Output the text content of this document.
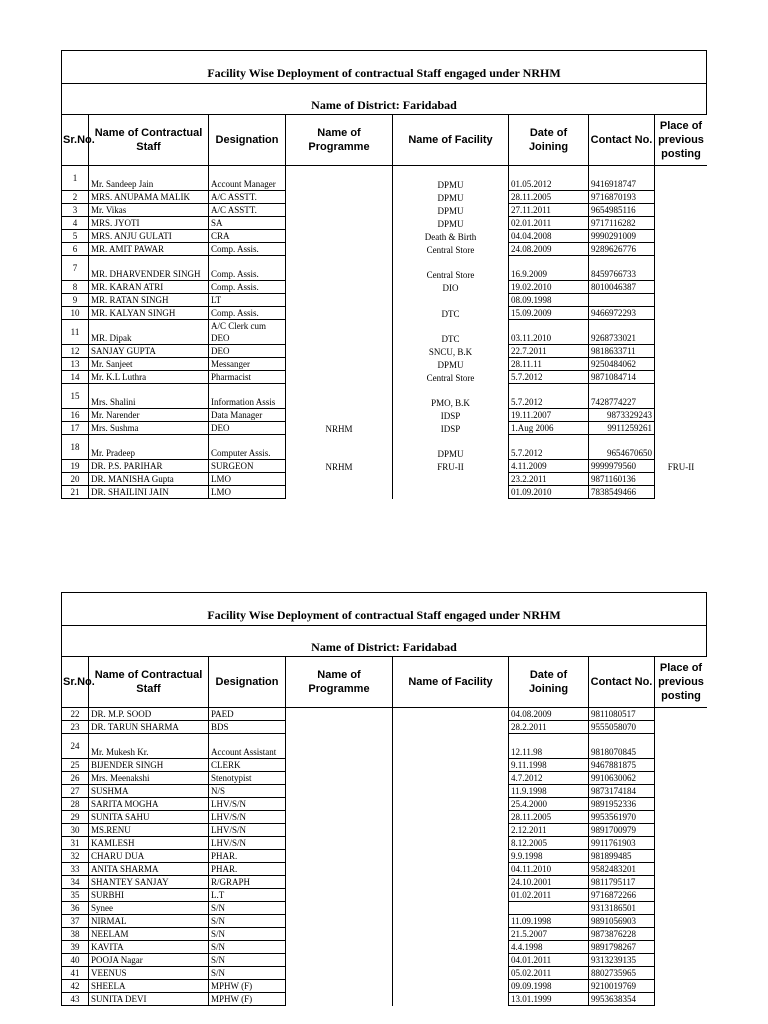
Facility Wise Deployment of contractual Staff engaged under NRHM
Name of District: Faridabad
Sr.No.	Name of Contractual Staff	Designation	Name of Programme	Name of Facility	Date of Joining	Contact No.	Place of previous posting
1	Mr. Sandeep Jain	Account Manager		DPMU	01.05.2012	9416918747	
2	MRS. ANUPAMA MALIK	A/C ASSTT.		DPMU	28.11.2005	9716870193	
3	Mr. Vikas	A/C ASSTT.		DPMU	27.11.2011	9654985116	
4	MRS. JYOTI	SA		DPMU	02.01.2011	9717116282	
5	MRS. ANJU GULATI	CRA		Death & Birth	04.04.2008	9990291009	
6	MR. AMIT PAWAR	Comp. Assis.		Central Store	24.08.2009	9289626776	
7	MR. DHARVENDER SINGH	Comp. Assis.		Central Store	16.9.2009	8459766733	
8	MR. KARAN ATRI	Comp. Assis.		DIO	19.02.2010	8010046387	
9	MR. RATAN SINGH	LT			08.09.1998		
10	MR. KALYAN SINGH	Comp. Assis.		DTC	15.09.2009	9466972293	
11	MR. Dipak	A/C Clerk cum DEO		DTC	03.11.2010	9268733021	
12	SANJAY GUPTA	DEO		SNCU, B.K	22.7.2011	9818633711	
13	Mr. Sanjeet	Messanger		DPMU	28.11.11	9250484062	
14	Mr. K.L Luthra	Pharmacist		Central Store	5.7.2012	9871084714	
15	Mrs. Shalini	Information Assis		PMO, B.K	5.7.2012	7428774227	
16	Mr. Narender	Data Manager		IDSP	19.11.2007	9873329243	
17	Mrs. Sushma	DEO	NRHM	IDSP	1.Aug 2006	9911259261	
18	Mr. Pradeep	Computer Assis.		DPMU	5.7.2012	9654670650	
19	DR. P.S. PARIHAR	SURGEON	NRHM	FRU-II	4.11.2009	9999979560	FRU-II
20	DR. MANISHA Gupta	LMO			23.2.2011	9871160136	
21	DR. SHAILINI JAIN	LMO			01.09.2010	7838549466	
Facility Wise Deployment of contractual Staff engaged under NRHM
Name of District: Faridabad
Sr.No.	Name of Contractual Staff	Designation	Name of Programme	Name of Facility	Date of Joining	Contact No.	Place of previous posting
22	DR. M.P. SOOD	PAED			04.08.2009	9811080517	
23	DR. TARUN SHARMA	BDS			28.2.2011	9555058070	
24	Mr. Mukesh Kr.	Account Assistant			12.11.98	9818070845	
25	BIJENDER SINGH	CLERK			9.11.1998	9467881875	
26	Mrs. Meenakshi	Stenotypist			4.7.2012	9910630062	
27	SUSHMA	N/S			11.9.1998	9873174184	
28	SARITA MOGHA	LHV/S/N			25.4.2000	9891952336	
29	SUNITA SAHU	LHV/S/N			28.11.2005	9953561970	
30	MS.RENU	LHV/S/N			2.12.2011	9891700979	
31	KAMLESH	LHV/S/N			8.12.2005	9911761903	
32	CHARU DUA	PHAR.			9.9.1998	981899485	
33	ANITA SHARMA	PHAR.			04.11.2010	9582483201	
34	SHANTEY SANJAY	R/GRAPH			24.10.2001	9811795117	
35	SURBHI	L.T			01.02.2011	9716872266	
36	Synee	S/N				9313186501	
37	NIRMAL	S/N			11.09.1998	9891056903	
38	NEELAM	S/N			21.5.2007	9873876228	
39	KAVITA	S/N			4.4.1998	9891798267	
40	POOJA Nagar	S/N			04.01.2011	9313239135	
41	VEENUS	S/N			05.02.2011	8802735965	
42	SHEELA	MPHW (F)			09.09.1998	9210019769	
43	SUNITA DEVI	MPHW (F)			13.01.1999	9953638354	
